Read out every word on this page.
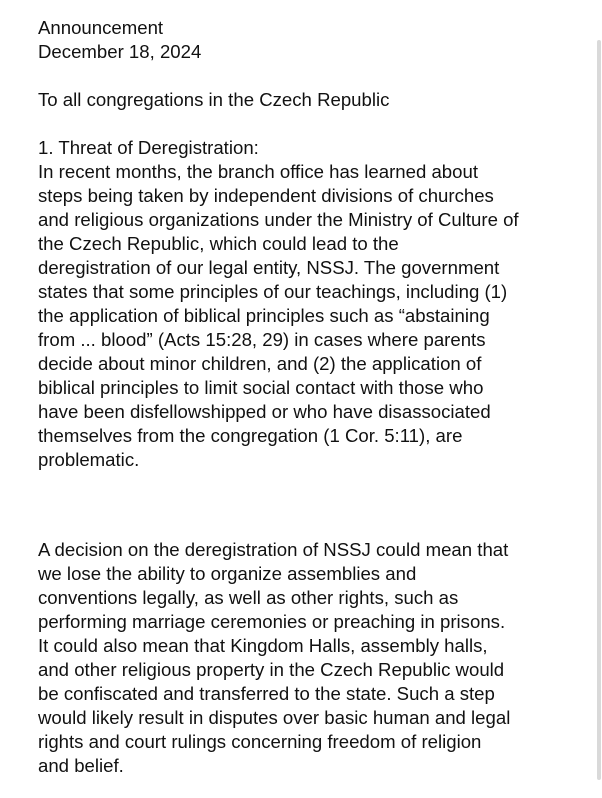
Announcement
December 18, 2024
To all congregations in the Czech Republic
1. Threat of Deregistration:
In recent months, the branch office has learned about
steps being taken by independent divisions of churches
and religious organizations under the Ministry of Culture of
the Czech Republic, which could lead to the
deregistration of our legal entity, NSSJ. The government
states that some principles of our teachings, including (1)
the application of biblical principles such as “abstaining
from ... blood” (Acts 15:28, 29) in cases where parents
decide about minor children, and (2) the application of
biblical principles to limit social contact with those who
have been disfellowshipped or who have disassociated
themselves from the congregation (1 Cor. 5:11), are
problematic.
A decision on the deregistration of NSSJ could mean that
we lose the ability to organize assemblies and
conventions legally, as well as other rights, such as
performing marriage ceremonies or preaching in prisons.
It could also mean that Kingdom Halls, assembly halls,
and other religious property in the Czech Republic would
be confiscated and transferred to the state. Such a step
would likely result in disputes over basic human and legal
rights and court rulings concerning freedom of religion
and belief.
